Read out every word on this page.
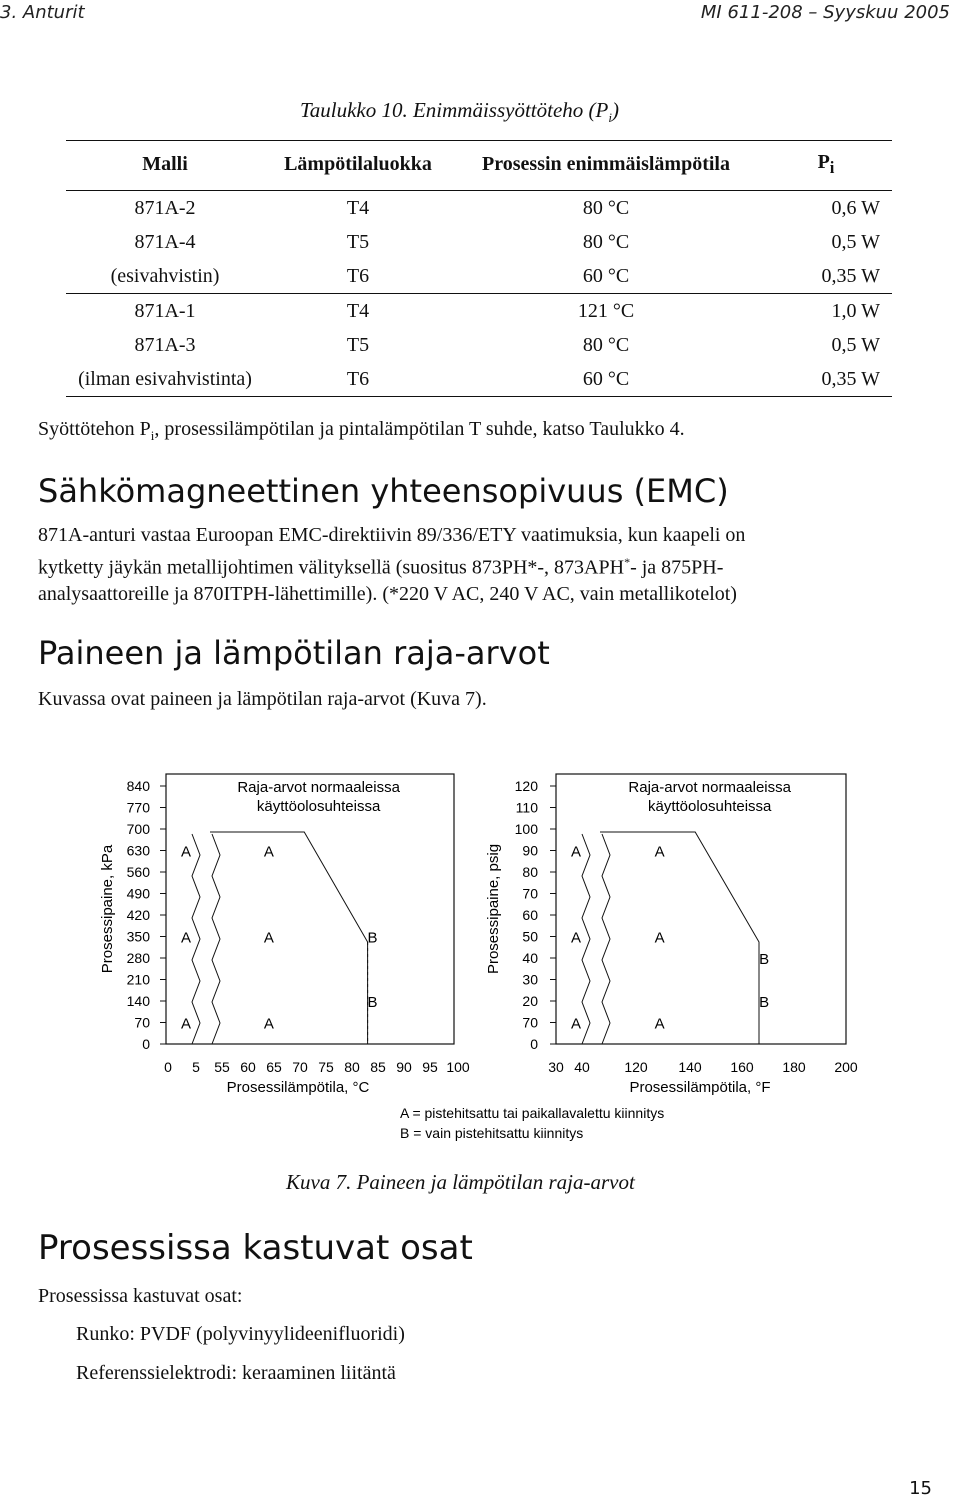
3. Anturit	MI 611-208 – Syyskuu 2005
Taulukko 10. Enimmäissyöttöteho $(P_i)$
Malli	Lämpötilaluokka	Prosessin enimmäislämpötila	$P_i$
871A-2	T4	80 °C	0,6 W
871A-4	T5	80 °C	0,5 W
(esivahvistin)	T6	60 °C	0,35 W
871A-1	T4	121 °C	1,0 W
871A-3	T5	80 °C	0,5 W
(ilman esivahvistinta)	T6	60 °C	0,35 W
Syöttötehon $P_i$, prosessilämpötilan ja pintalämpötilan T suhde, katso Taulukko 4.
Sähkömagneettinen yhteensopivuus (EMC)
871A-anturi vastaa Euroopan EMC-direktiivin 89/336/ETY vaatimuksia, kun kaapeli on
kytketty jäykän metallijohtimen välityksellä (suositus 873PH*-, 873APH*- ja 875PH-
analysaattoreille ja 870ITPH-lähettimille). (*220 V AC, 240 V AC, vain metallikotelot)
Paineen ja lämpötilan raja-arvot
Kuvassa ovat paineen ja lämpötilan raja-arvot (Kuva 7).
840
770
700
630
560
490
420
350
280
210
140
70
0
0 5 55 60 65 70 75 80 85 90 95 100
Prosessilämpötila, °C
Prosessipaine, kPa
Raja-arvot normaaleissa
käyttöolosuhteissa
A	A
A	A	B
A	A
B
120
110
100
90
80
70
60
50
40
30
20
70
0
30 40 120 140 160 180 200
Prosessilämpötila, °F
Prosessipaine, psig
Raja-arvot normaaleissa
käyttöolosuhteissa
A	A
A	A
B
A	A
B
A = pistehitsattu tai paikallavalettu kiinnitys
B = vain pistehitsattu kiinnitys
Kuva 7. Paineen ja lämpötilan raja-arvot
Prosessissa kastuvat osat
Prosessissa kastuvat osat:
Runko: PVDF (polyvinyylideenifluoridi)
Referenssielektrodi: keraaminen liitäntä
15
